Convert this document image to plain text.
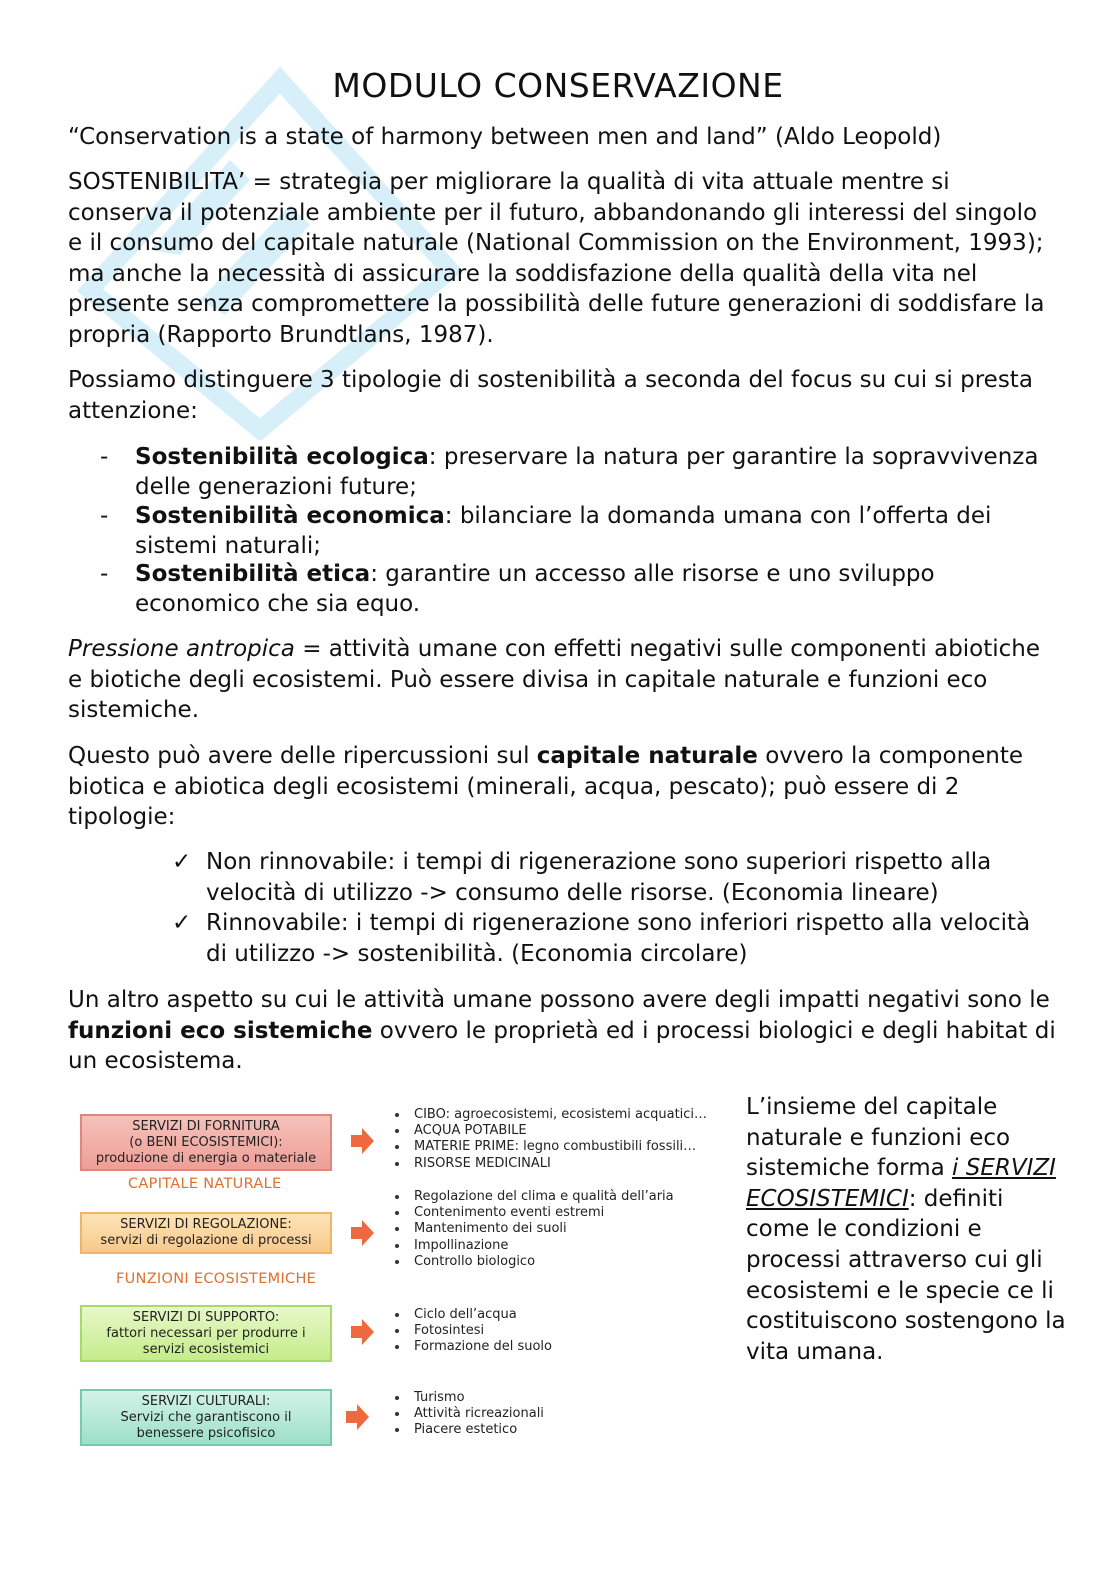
MODULO CONSERVAZIONE

“Conservation is a state of harmony between men and land” (Aldo Leopold)

SOSTENIBILITA’ = strategia per migliorare la qualità di vita attuale mentre si conserva il potenziale ambiente per il futuro, abbandonando gli interessi del singolo e il consumo del capitale naturale (National Commission on the Environment, 1993); ma anche la necessità di assicurare la soddisfazione della qualità della vita nel presente senza compromettere la possibilità delle future generazioni di soddisfare la propria (Rapporto Brundtlans, 1987).

Possiamo distinguere 3 tipologie di sostenibilità a seconda del focus su cui si presta attenzione:

- Sostenibilità ecologica: preservare la natura per garantire la sopravvivenza delle generazioni future;
- Sostenibilità economica: bilanciare la domanda umana con l’offerta dei sistemi naturali;
- Sostenibilità etica: garantire un accesso alle risorse e uno sviluppo economico che sia equo.

Pressione antropica = attività umane con effetti negativi sulle componenti abiotiche e biotiche degli ecosistemi. Può essere divisa in capitale naturale e funzioni eco sistemiche.

Questo può avere delle ripercussioni sul capitale naturale ovvero la componente biotica e abiotica degli ecosistemi (minerali, acqua, pescato); può essere di 2 tipologie:

✓ Non rinnovabile: i tempi di rigenerazione sono superiori rispetto alla velocità di utilizzo -> consumo delle risorse. (Economia lineare)
✓ Rinnovabile: i tempi di rigenerazione sono inferiori rispetto alla velocità di utilizzo -> sostenibilità. (Economia circolare)

Un altro aspetto su cui le attività umane possono avere degli impatti negativi sono le funzioni eco sistemiche ovvero le proprietà ed i processi biologici e degli habitat di un ecosistema.

SERVIZI DI FORNITURA
(o BENI ECOSISTEMICI):
produzione di energia o materiale
CAPITALE NATURALE
SERVIZI DI REGOLAZIONE:
servizi di regolazione di processi
FUNZIONI ECOSISTEMICHE
SERVIZI DI SUPPORTO:
fattori necessari per produrre i
servizi ecosistemici
SERVIZI CULTURALI:
Servizi che garantiscono il
benessere psicofisico
CIBO: agroecosistemi, ecosistemi acquatici…
ACQUA POTABILE
MATERIE PRIME: legno combustibili fossili…
RISORSE MEDICINALI
Regolazione del clima e qualità dell’aria
Contenimento eventi estremi
Mantenimento dei suoli
Impollinazione
Controllo biologico
Ciclo dell’acqua
Fotosintesi
Formazione del suolo
Turismo
Attività ricreazionali
Piacere estetico
L’insieme del capitale naturale e funzioni eco sistemiche forma i SERVIZI ECOSISTEMICI: definiti come le condizioni e processi attraverso cui gli ecosistemi e le specie ce li costituiscono sostengono la vita umana.
